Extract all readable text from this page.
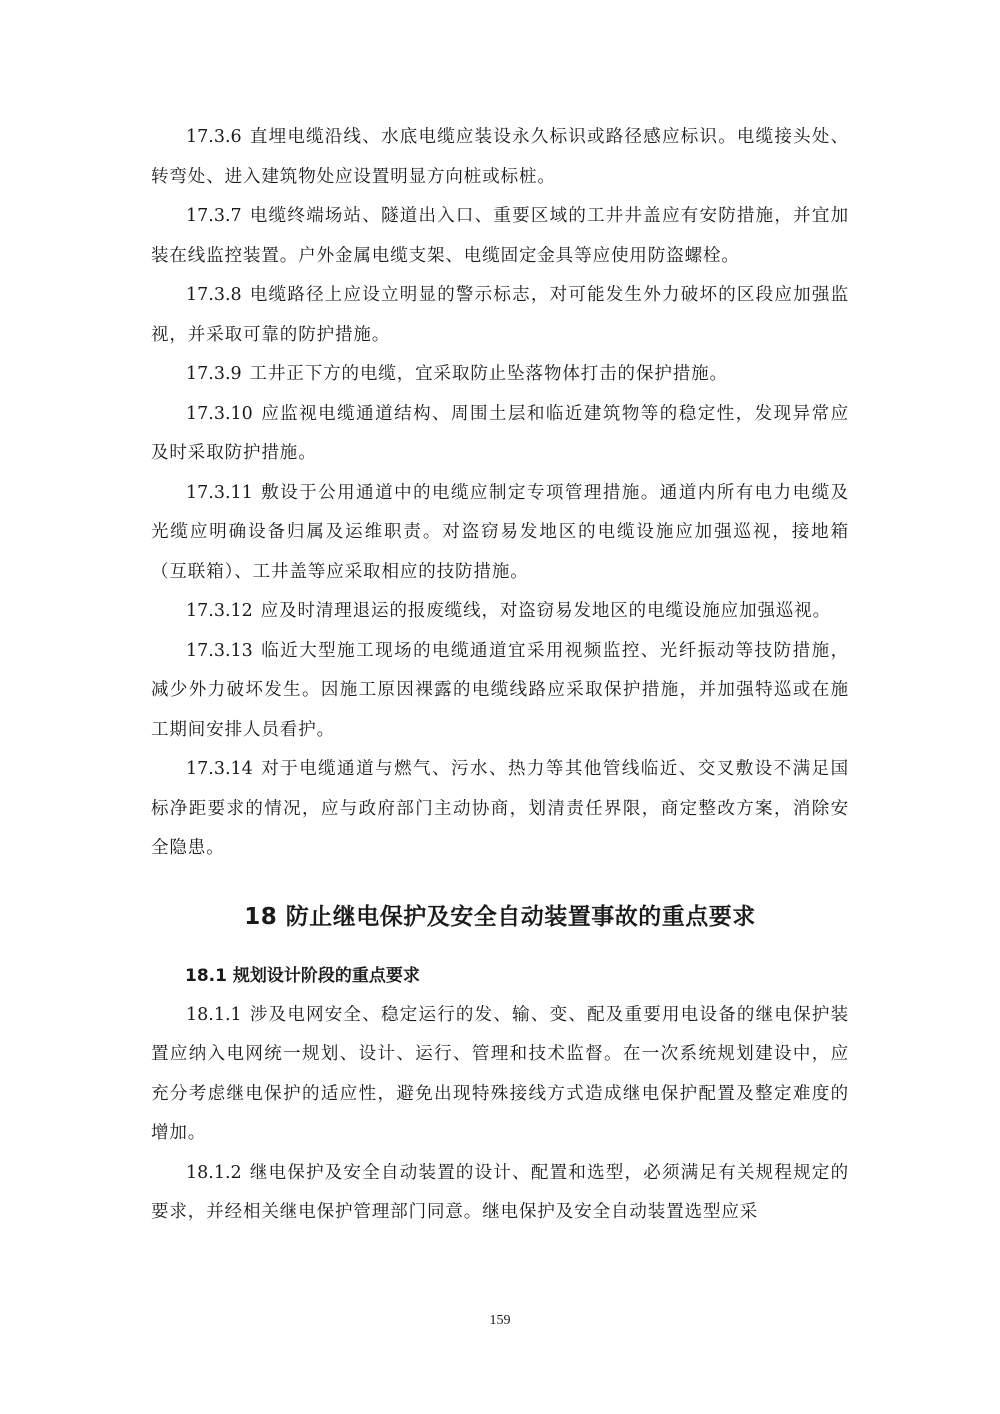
17.3.6 直埋电缆沿线、水底电缆应装设永久标识或路径感应标识。电缆接头处、转弯处、进入建筑物处应设置明显方向桩或标桩。

17.3.7 电缆终端场站、隧道出入口、重要区域的工井井盖应有安防措施，并宜加装在线监控装置。户外金属电缆支架、电缆固定金具等应使用防盗螺栓。

17.3.8 电缆路径上应设立明显的警示标志，对可能发生外力破坏的区段应加强监视，并采取可靠的防护措施。

17.3.9 工井正下方的电缆，宜采取防止坠落物体打击的保护措施。

17.3.10 应监视电缆通道结构、周围土层和临近建筑物等的稳定性，发现异常应及时采取防护措施。

17.3.11 敷设于公用通道中的电缆应制定专项管理措施。通道内所有电力电缆及光缆应明确设备归属及运维职责。对盗窃易发地区的电缆设施应加强巡视，接地箱（互联箱）、工井盖等应采取相应的技防措施。

17.3.12 应及时清理退运的报废缆线，对盗窃易发地区的电缆设施应加强巡视。

17.3.13 临近大型施工现场的电缆通道宜采用视频监控、光纤振动等技防措施，减少外力破坏发生。因施工原因裸露的电缆线路应采取保护措施，并加强特巡或在施工期间安排人员看护。

17.3.14 对于电缆通道与燃气、污水、热力等其他管线临近、交叉敷设不满足国标净距要求的情况，应与政府部门主动协商，划清责任界限，商定整改方案，消除安全隐患。

18 防止继电保护及安全自动装置事故的重点要求
18.1 规划设计阶段的重点要求

18.1.1 涉及电网安全、稳定运行的发、输、变、配及重要用电设备的继电保护装置应纳入电网统一规划、设计、运行、管理和技术监督。在一次系统规划建设中，应充分考虑继电保护的适应性，避免出现特殊接线方式造成继电保护配置及整定难度的增加。

18.1.2 继电保护及安全自动装置的设计、配置和选型，必须满足有关规程规定的要求，并经相关继电保护管理部门同意。继电保护及安全自动装置选型应采

159
